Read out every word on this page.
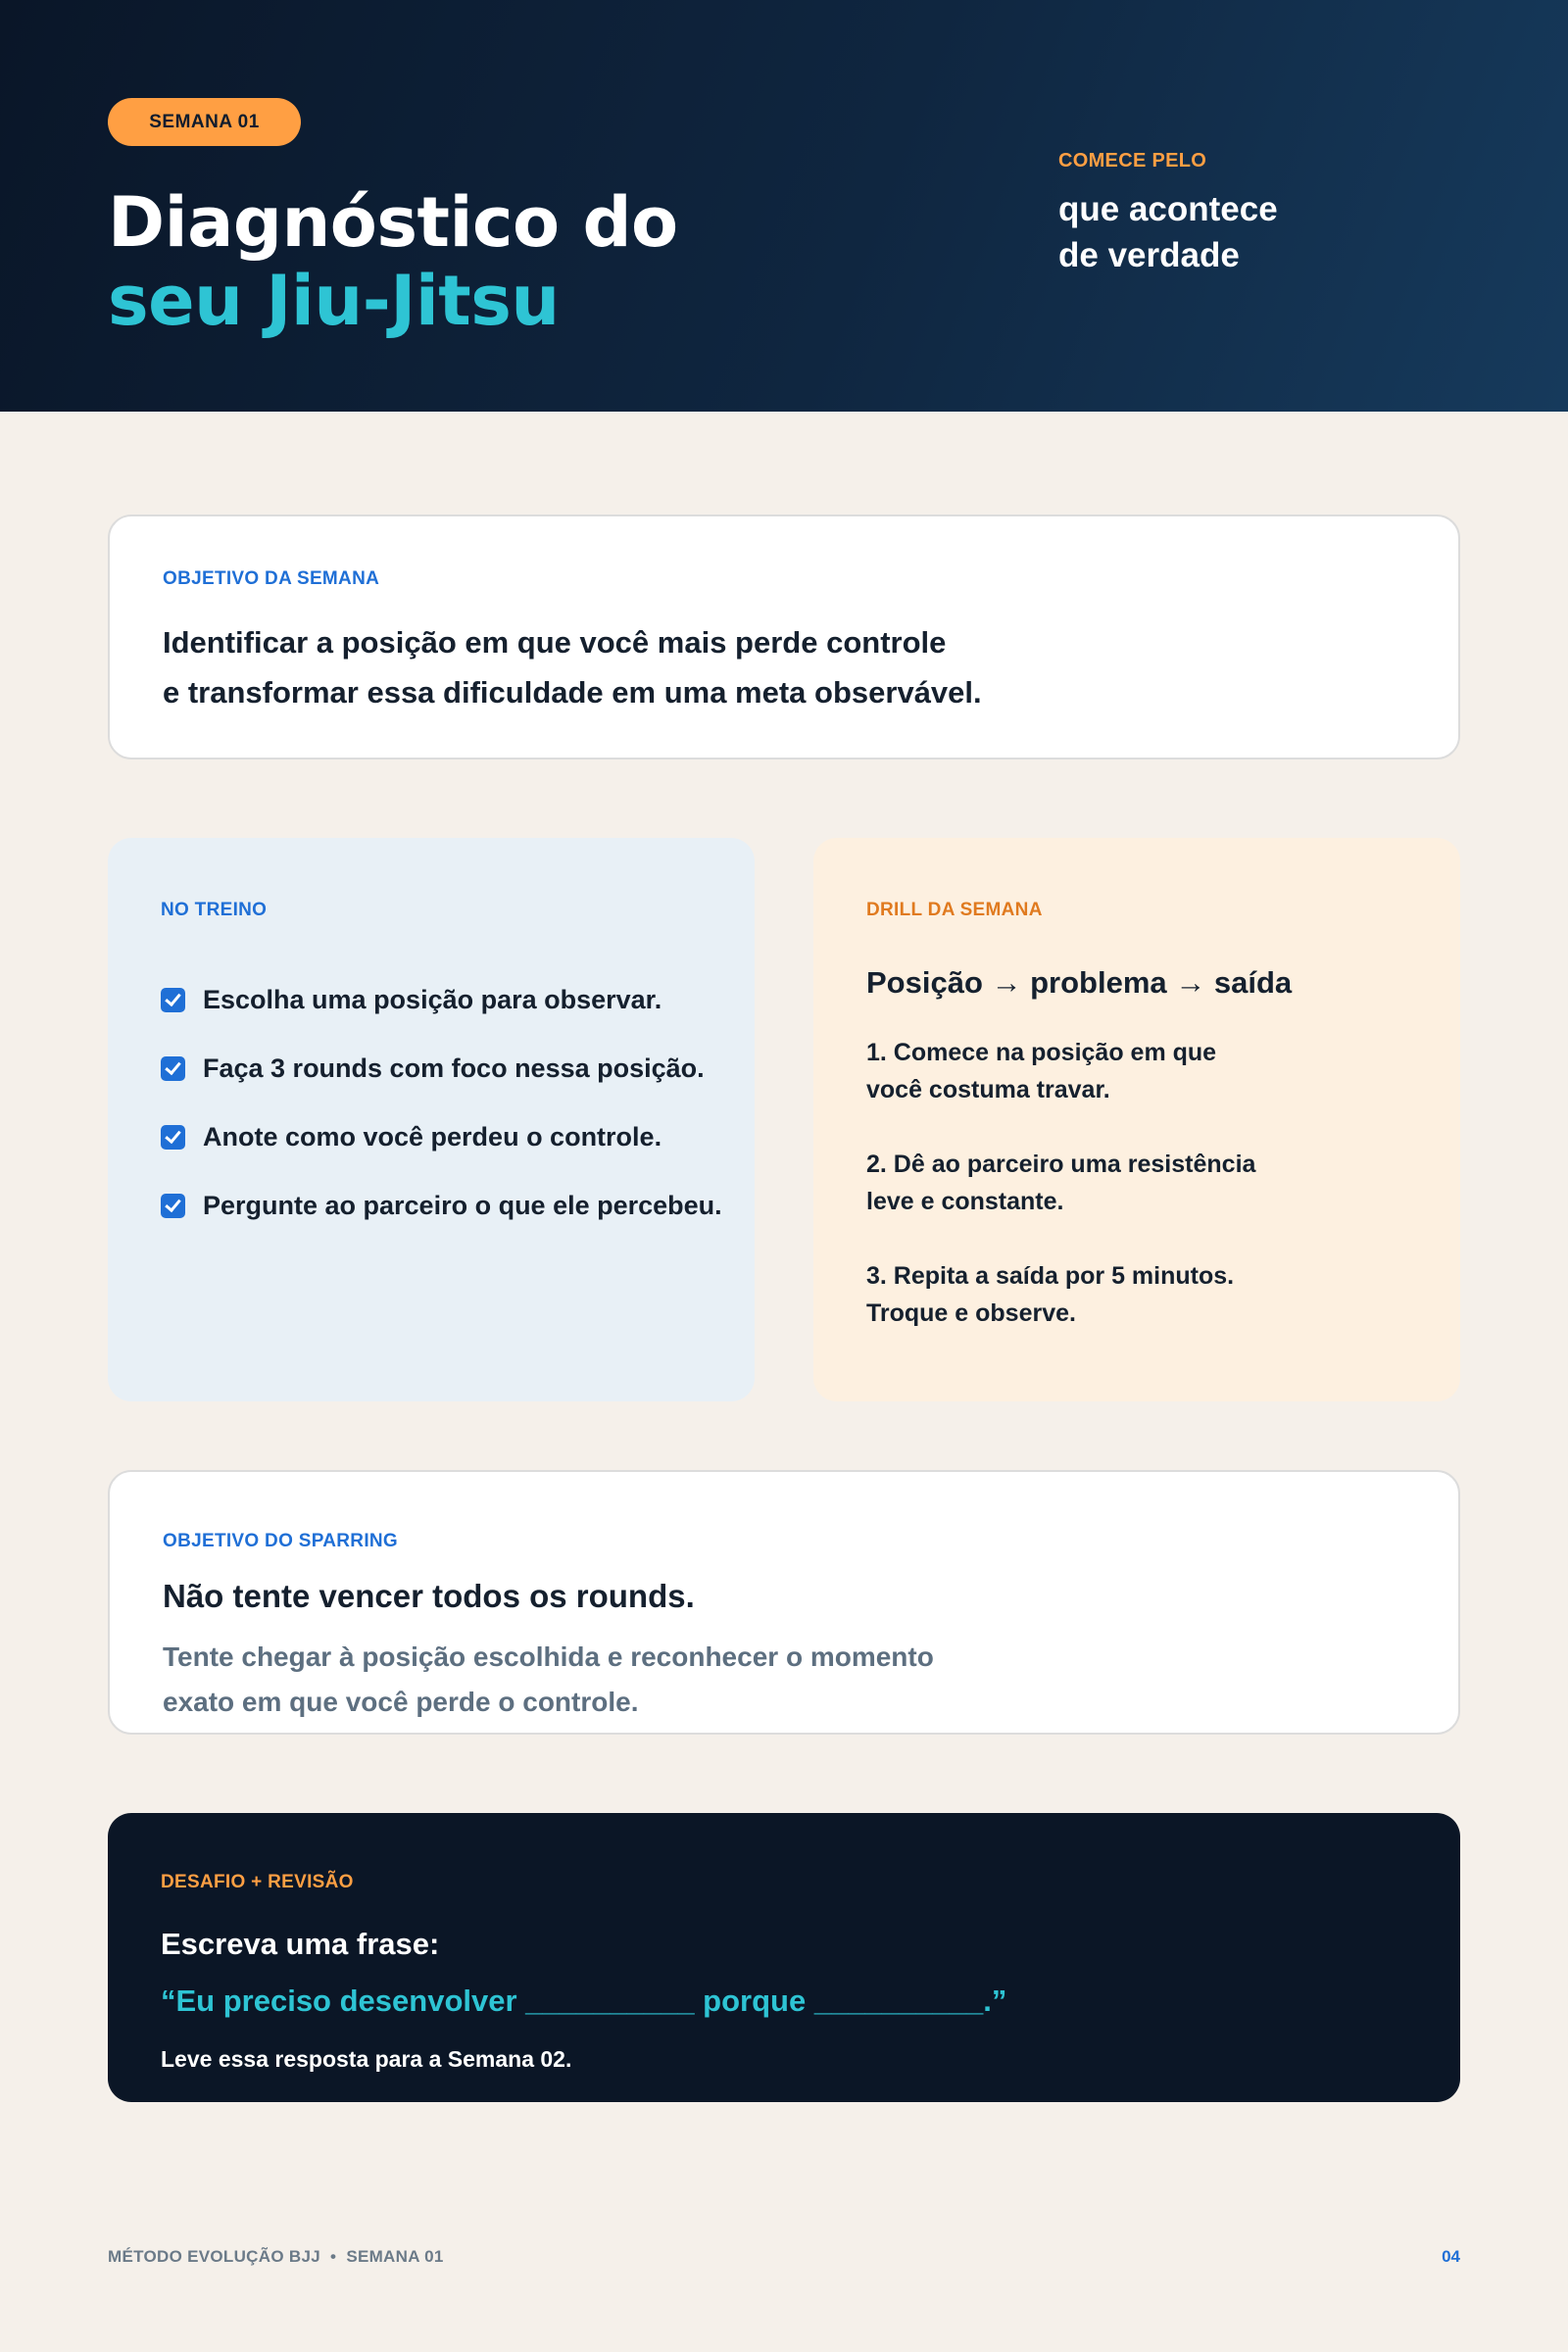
SEMANA 01
Diagnóstico do
seu Jiu-Jitsu
COMECE PELO
que acontece
de verdade
OBJETIVO DA SEMANA
Identificar a posição em que você mais perde controle
e transformar essa dificuldade em uma meta observável.
NO TREINO
Escolha uma posição para observar.
Faça 3 rounds com foco nessa posição.
Anote como você perdeu o controle.
Pergunte ao parceiro o que ele percebeu.
DRILL DA SEMANA
Posição → problema → saída
1. Comece na posição em que
você costuma travar.
2. Dê ao parceiro uma resistência
leve e constante.
3. Repita a saída por 5 minutos.
Troque e observe.
OBJETIVO DO SPARRING
Não tente vencer todos os rounds.
Tente chegar à posição escolhida e reconhecer o momento
exato em que você perde o controle.
DESAFIO + REVISÃO
Escreva uma frase:
“Eu preciso desenvolver __________ porque __________.”
Leve essa resposta para a Semana 02.
MÉTODO EVOLUÇÃO BJJ  •  SEMANA 01	04
